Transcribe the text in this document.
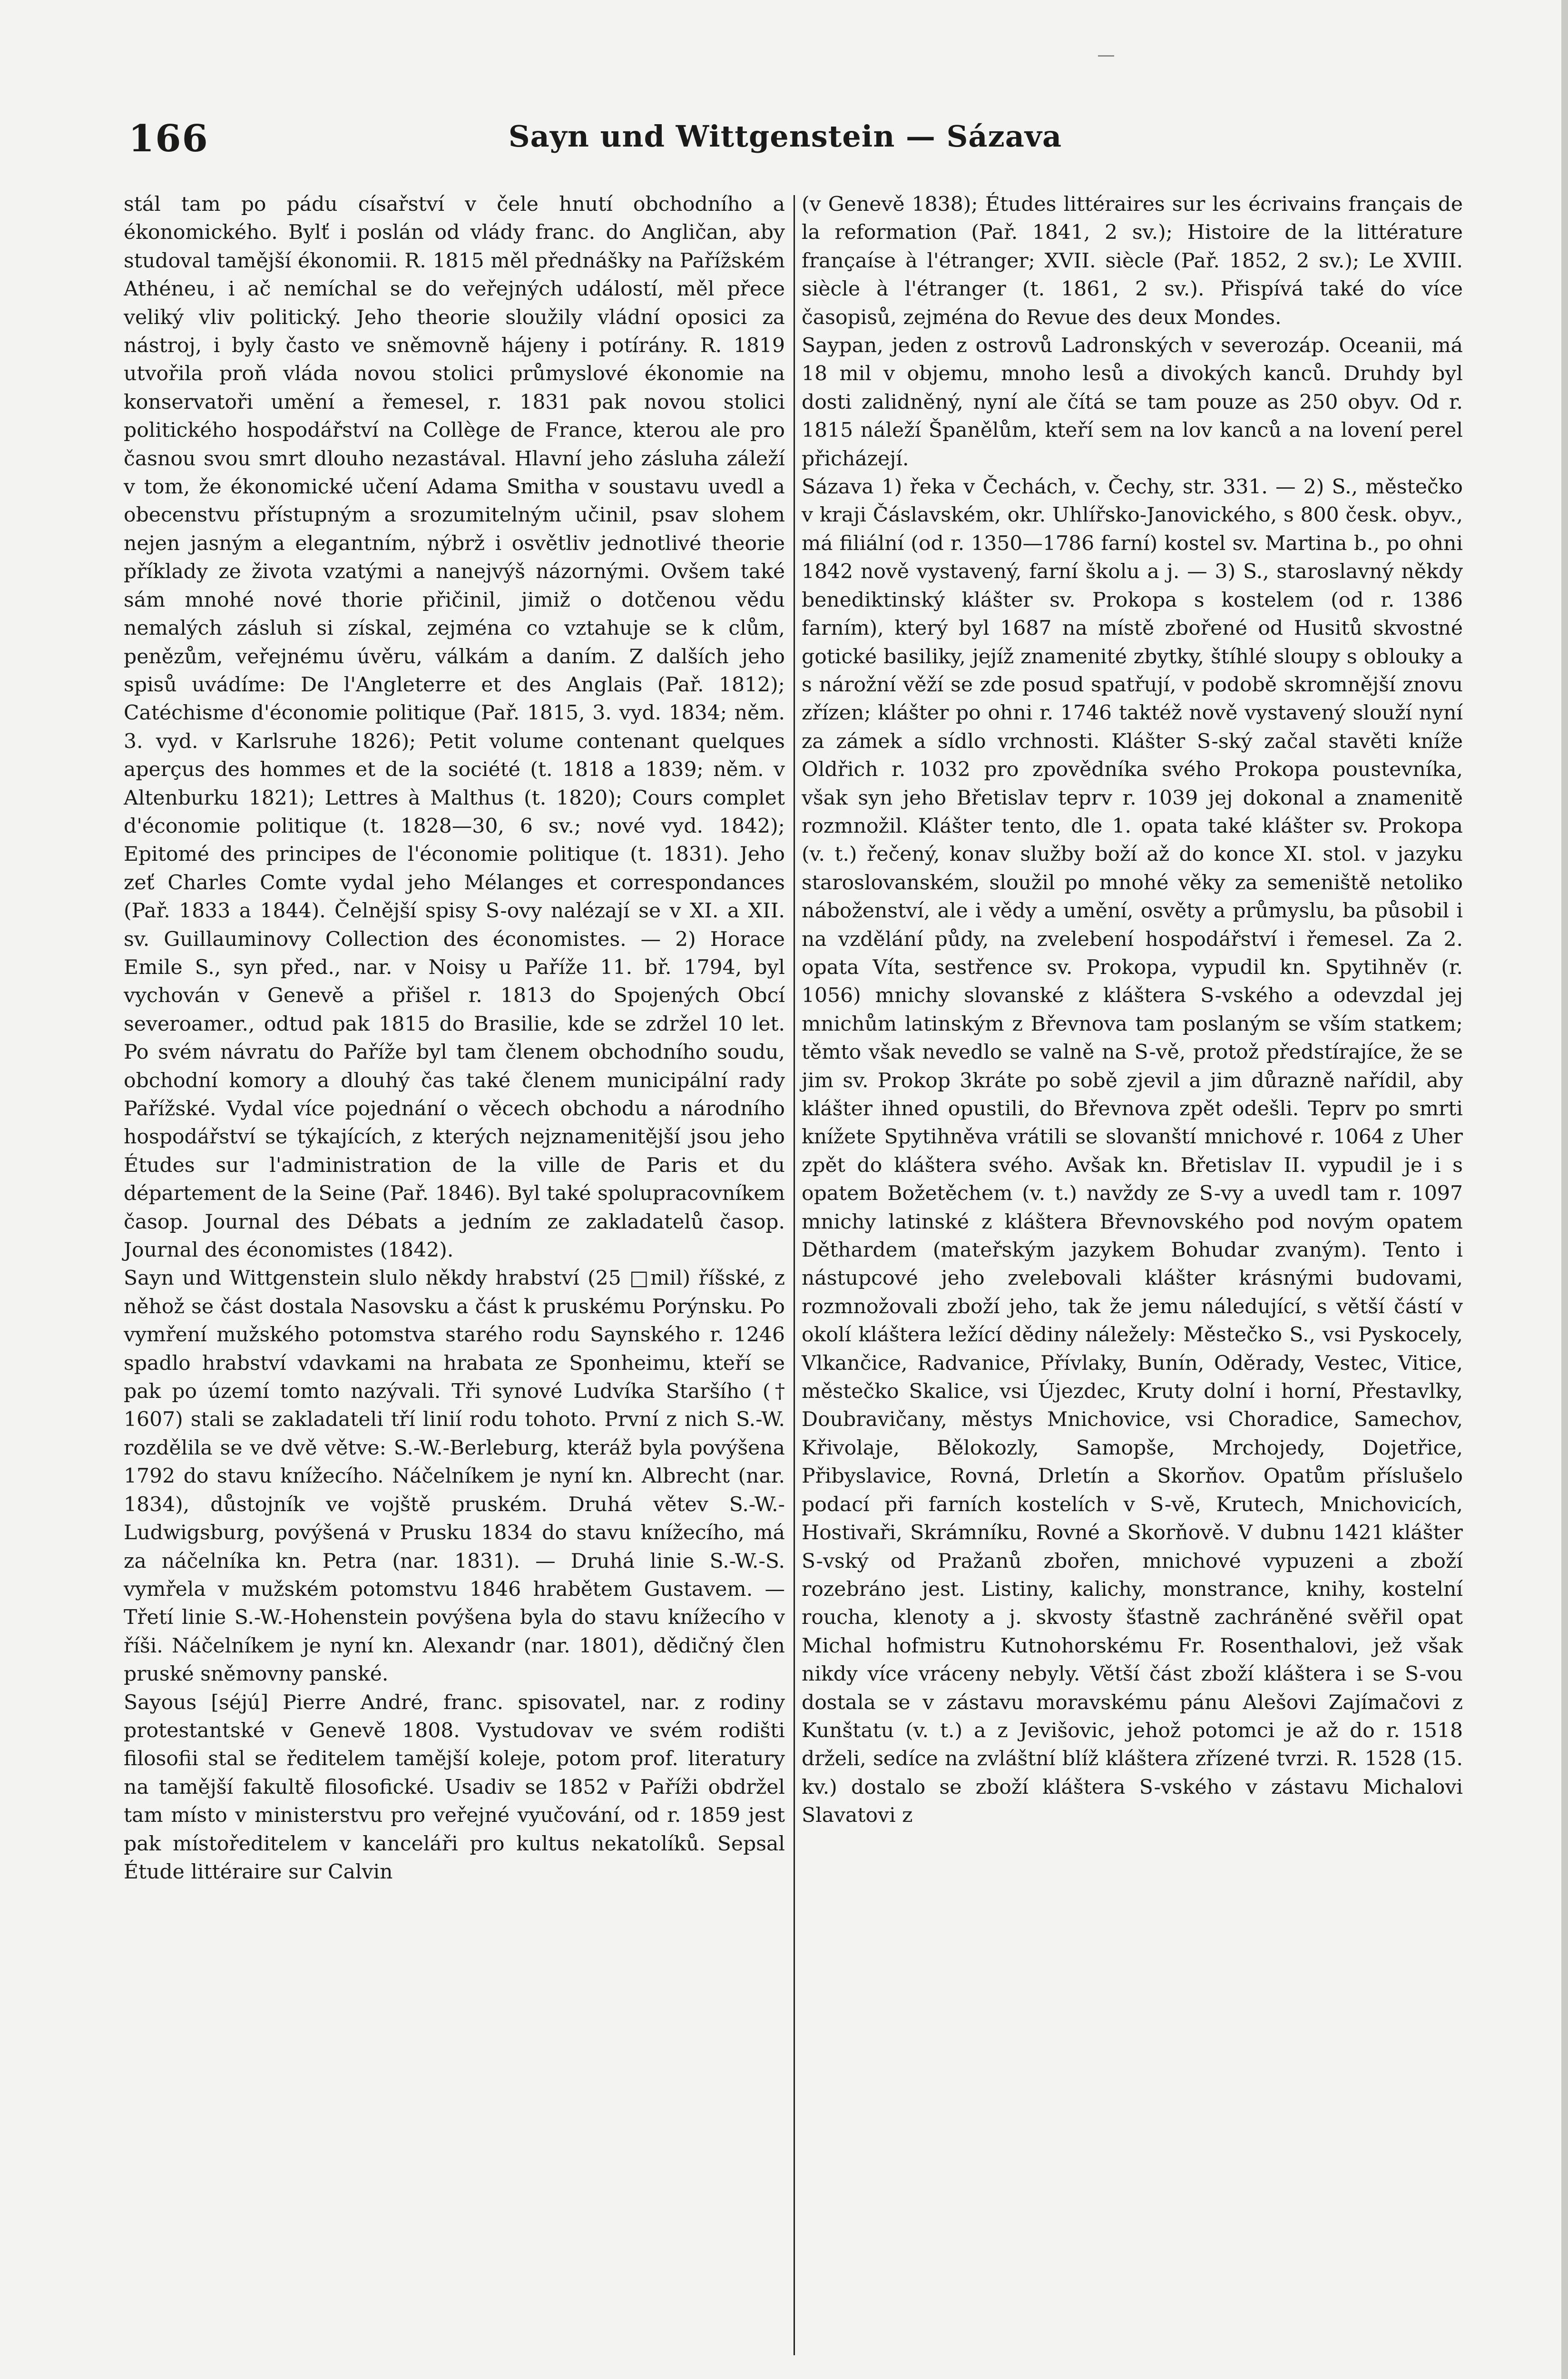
166	Sayn und Wittgenstein — Sázava

stál tam po pádu císařství v čele hnutí obchodního a ékonomického. Bylť i poslán od vlády franc. do Angličan, aby studoval tamější ékonomii. R. 1815 měl přednášky na Pařížském Athéneu, i ač nemíchal se do veřejných událostí, měl přece veliký vliv politický. Jeho theorie sloužily vládní oposici za nástroj, i byly často ve sněmovně hájeny i potírány. R. 1819 utvořila proň vláda novou stolici průmyslové ékonomie na konservatoři umění a řemesel, r. 1831 pak novou stolici politického hospodářství na Collège de France, kterou ale pro časnou svou smrt dlouho nezastával. Hlavní jeho zásluha záleží v tom, že ékonomické učení Adama Smitha v soustavu uvedl a obecenstvu přístupným a srozumitelným učinil, psav slohem nejen jasným a elegantním, nýbrž i osvětliv jednotlivé theorie příklady ze života vzatými a nanejvýš názornými. Ovšem také sám mnohé nové thorie přičinil, jimiž o dotčenou vědu nemalých zásluh si získal, zejména co vztahuje se k clům, penězům, veřejnému úvěru, válkám a daním. Z dalších jeho spisů uvádíme: De l'Angleterre et des Anglais (Pař. 1812); Catéchisme d'économie politique (Pař. 1815, 3. vyd. 1834; něm. 3. vyd. v Karlsruhe 1826); Petit volume contenant quelques aperçus des hommes et de la société (t. 1818 a 1839; něm. v Altenburku 1821); Lettres à Malthus (t. 1820); Cours complet d'économie politique (t. 1828—30, 6 sv.; nové vyd. 1842); Epitomé des principes de l'économie politique (t. 1831). Jeho zeť Charles Comte vydal jeho Mélanges et correspondances (Pař. 1833 a 1844). Čelnější spisy S-ovy nalézají se v XI. a XII. sv. Guillauminovy Collection des économistes. — 2) Horace Emile S., syn před., nar. v Noisy u Paříže 11. bř. 1794, byl vychován v Genevě a přišel r. 1813 do Spojených Obcí severoamer., odtud pak 1815 do Brasilie, kde se zdržel 10 let. Po svém návratu do Paříže byl tam členem obchodního soudu, obchodní komory a dlouhý čas také členem municipální rady Pařížské. Vydal více pojednání o věcech obchodu a národního hospodářství se týkajících, z kterých nejznamenitější jsou jeho Études sur l'administration de la ville de Paris et du département de la Seine (Pař. 1846). Byl také spolupracovníkem časop. Journal des Débats a jedním ze zakladatelů časop. Journal des économistes (1842).

Sayn und Wittgenstein slulo někdy hrabství (25 □mil) říšské, z něhož se část dostala Nasovsku a část k pruskému Porýnsku. Po vymření mužského potomstva starého rodu Saynského r. 1246 spadlo hrabství vdavkami na hrabata ze Sponheimu, kteří se pak po území tomto nazývali. Tři synové Ludvíka Staršího († 1607) stali se zakladateli tří linií rodu tohoto. První z nich S.-W. rozdělila se ve dvě větve: S.-W.-Berleburg, kteráž byla povýšena 1792 do stavu knížecího. Náčelníkem je nyní kn. Albrecht (nar. 1834), důstojník ve vojště pruském. Druhá větev S.-W.-Ludwigsburg, povýšená v Prusku 1834 do stavu knížecího, má za náčelníka kn. Petra (nar. 1831). — Druhá linie S.-W.-S. vymřela v mužském potomstvu 1846 hrabětem Gustavem. — Třetí linie S.-W.-Hohenstein povýšena byla do stavu knížecího v říši. Náčelníkem je nyní kn. Alexandr (nar. 1801), dědičný člen pruské sněmovny panské.

Sayous [séjú] Pierre André, franc. spisovatel, nar. z rodiny protestantské v Genevě 1808. Vystudovav ve svém rodišti filosofii stal se ředitelem tamější koleje, potom prof. literatury na tamější fakultě filosofické. Usadiv se 1852 v Paříži obdržel tam místo v ministerstvu pro veřejné vyučování, od r. 1859 jest pak místoředitelem v kanceláři pro kultus nekatolíků. Sepsal Étude littéraire sur Calvin

(v Genevě 1838); Études littéraires sur les écrivains français de la reformation (Pař. 1841, 2 sv.); Histoire de la littérature françaíse à l'étranger; XVII. siècle (Pař. 1852, 2 sv.); Le XVIII. siècle à l'étranger (t. 1861, 2 sv.). Přispívá také do více časopisů, zejména do Revue des deux Mondes.

Saypan, jeden z ostrovů Ladronských v severozáp. Oceanii, má 18 mil v objemu, mnoho lesů a divokých kanců. Druhdy byl dosti zalidněný, nyní ale čítá se tam pouze as 250 obyv. Od r. 1815 náleží Španělům, kteří sem na lov kanců a na lovení perel přicházejí.

Sázava 1) řeka v Čechách, v. Čechy, str. 331. — 2) S., městečko v kraji Čáslavském, okr. Uhlířsko-Janovického, s 800 česk. obyv., má filiální (od r. 1350—1786 farní) kostel sv. Martina b., po ohni 1842 nově vystavený, farní školu a j. — 3) S., staroslavný někdy benediktinský klášter sv. Prokopa s kostelem (od r. 1386 farním), který byl 1687 na místě zbořené od Husitů skvostné gotické basiliky, jejíž znamenité zbytky, štíhlé sloupy s oblouky a s nárožní věží se zde posud spatřují, v podobě skromnější znovu zřízen; klášter po ohni r. 1746 taktéž nově vystavený slouží nyní za zámek a sídlo vrchnosti. Klášter S-ský začal stavěti kníže Oldřich r. 1032 pro zpovědníka svého Prokopa poustevníka, však syn jeho Břetislav teprv r. 1039 jej dokonal a znamenitě rozmnožil. Klášter tento, dle 1. opata také klášter sv. Prokopa (v. t.) řečený, konav služby boží až do konce XI. stol. v jazyku staroslovanském, sloužil po mnohé věky za semeniště netoliko náboženství, ale i vědy a umění, osvěty a průmyslu, ba působil i na vzdělání půdy, na zvelebení hospodářství i řemesel. Za 2. opata Víta, sestřence sv. Prokopa, vypudil kn. Spytihněv (r. 1056) mnichy slovanské z kláštera S-vského a odevzdal jej mnichům latinským z Břevnova tam poslaným se vším statkem; těmto však nevedlo se valně na S-vě, protož předstírajíce, že se jim sv. Prokop 3kráte po sobě zjevil a jim důrazně nařídil, aby klášter ihned opustili, do Břevnova zpět odešli. Teprv po smrti knížete Spytihněva vrátili se slovanští mnichové r. 1064 z Uher zpět do kláštera svého. Avšak kn. Břetislav II. vypudil je i s opatem Božetěchem (v. t.) navždy ze S-vy a uvedl tam r. 1097 mnichy latinské z kláštera Břevnovského pod novým opatem Děthardem (mateřským jazykem Bohudar zvaným). Tento i nástupcové jeho zvelebovali klášter krásnými budovami, rozmnožovali zboží jeho, tak že jemu náledující, s větší částí v okolí kláštera ležící dědiny náležely: Městečko S., vsi Pyskocely, Vlkančice, Radvanice, Přívlaky, Bunín, Oděrady, Vestec, Vitice, městečko Skalice, vsi Újezdec, Kruty dolní i horní, Přestavlky, Doubravičany, městys Mnichovice, vsi Choradice, Samechov, Křivolaje, Bělokozly, Samopše, Mrchojedy, Dojetřice, Přibyslavice, Rovná, Drletín a Skorňov. Opatům příslušelo podací při farních kostelích v S-vě, Krutech, Mnichovicích, Hostivaři, Skrámníku, Rovné a Skorňově. V dubnu 1421 klášter S-vský od Pražanů zbořen, mnichové vypuzeni a zboží rozebráno jest. Listiny, kalichy, monstrance, knihy, kostelní roucha, klenoty a j. skvosty šťastně zachráněné svěřil opat Michal hofmistru Kutnohorskému Fr. Rosenthalovi, jež však nikdy více vráceny nebyly. Větší část zboží kláštera i se S-vou dostala se v zástavu moravskému pánu Alešovi Zajímačovi z Kunštatu (v. t.) a z Jevišovic, jehož potomci je až do r. 1518 drželi, sedíce na zvláštní blíž kláštera zřízené tvrzi. R. 1528 (15. kv.) dostalo se zboží kláštera S-vského v zástavu Michalovi Slavatovi z
